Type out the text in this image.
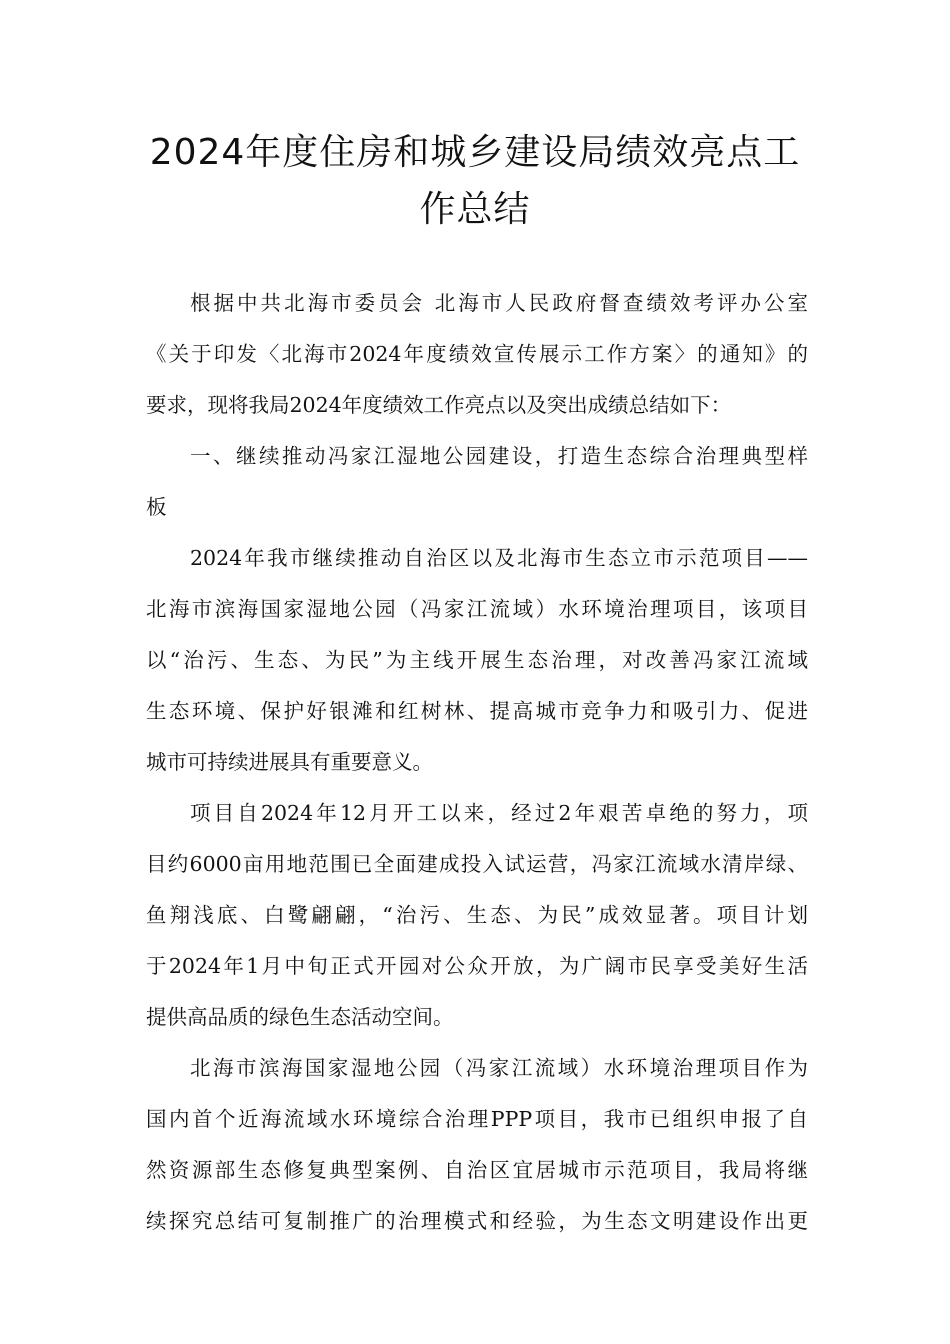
2024年度住房和城乡建设局绩效亮点工
作总结

根据中共北海市委员会 北海市人民政府督查绩效考评办公室
《关于印发〈北海市2024年度绩效宣传展示工作方案〉的通知》的
要求，现将我局2024年度绩效工作亮点以及突出成绩总结如下：

一、继续推动冯家江湿地公园建设，打造生态综合治理典型样
板

2024年我市继续推动自治区以及北海市生态立市示范项目——
北海市滨海国家湿地公园（冯家江流域）水环境治理项目，该项目
以“治污、生态、为民”为主线开展生态治理，对改善冯家江流域
生态环境、保护好银滩和红树林、提高城市竞争力和吸引力、促进
城市可持续进展具有重要意义。

项目自2024年12月开工以来，经过2年艰苦卓绝的努力，项
目约6000亩用地范围已全面建成投入试运营，冯家江流域水清岸绿、
鱼翔浅底、白鹭翩翩，“治污、生态、为民”成效显著。项目计划
于2024年1月中旬正式开园对公众开放，为广阔市民享受美好生活
提供高品质的绿色生态活动空间。

北海市滨海国家湿地公园（冯家江流域）水环境治理项目作为
国内首个近海流域水环境综合治理PPP项目，我市已组织申报了自
然资源部生态修复典型案例、自治区宜居城市示范项目，我局将继
续探究总结可复制推广的治理模式和经验，为生态文明建设作出更
